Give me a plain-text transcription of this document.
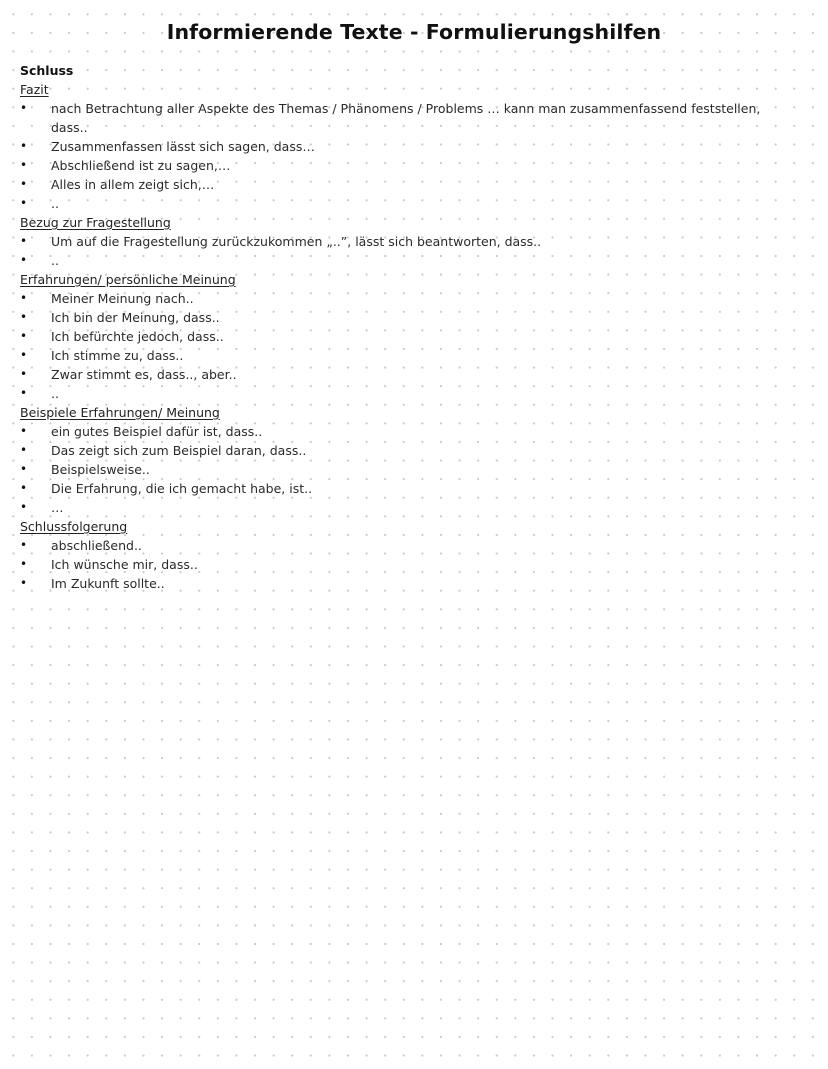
Informierende Texte - Formulierungshilfen
Schluss
Fazit
•	nach Betrachtung aller Aspekte des Themas / Phänomens / Problems … kann man zusammenfassend feststellen, dass..
•	Zusammenfassen lässt sich sagen, dass…
•	Abschließend ist zu sagen,…
•	Alles in allem zeigt sich,…
•	..
Bezug zur Fragestellung
•	Um auf die Fragestellung zurückzukommen „..”, lässt sich beantworten, dass..
•	..
Erfahrungen/ persönliche Meinung
•	Meiner Meinung nach..
•	Ich bin der Meinung, dass..
•	Ich befürchte jedoch, dass..
•	Ich stimme zu, dass..
•	Zwar stimmt es, dass.., aber..
•	..
Beispiele Erfahrungen/ Meinung
•	ein gutes Beispiel dafür ist, dass..
•	Das zeigt sich zum Beispiel daran, dass..
•	Beispielsweise..
•	Die Erfahrung, die ich gemacht habe, ist..
•	…
Schlussfolgerung
•	abschließend..
•	Ich wünsche mir, dass..
•	Im Zukunft sollte..
